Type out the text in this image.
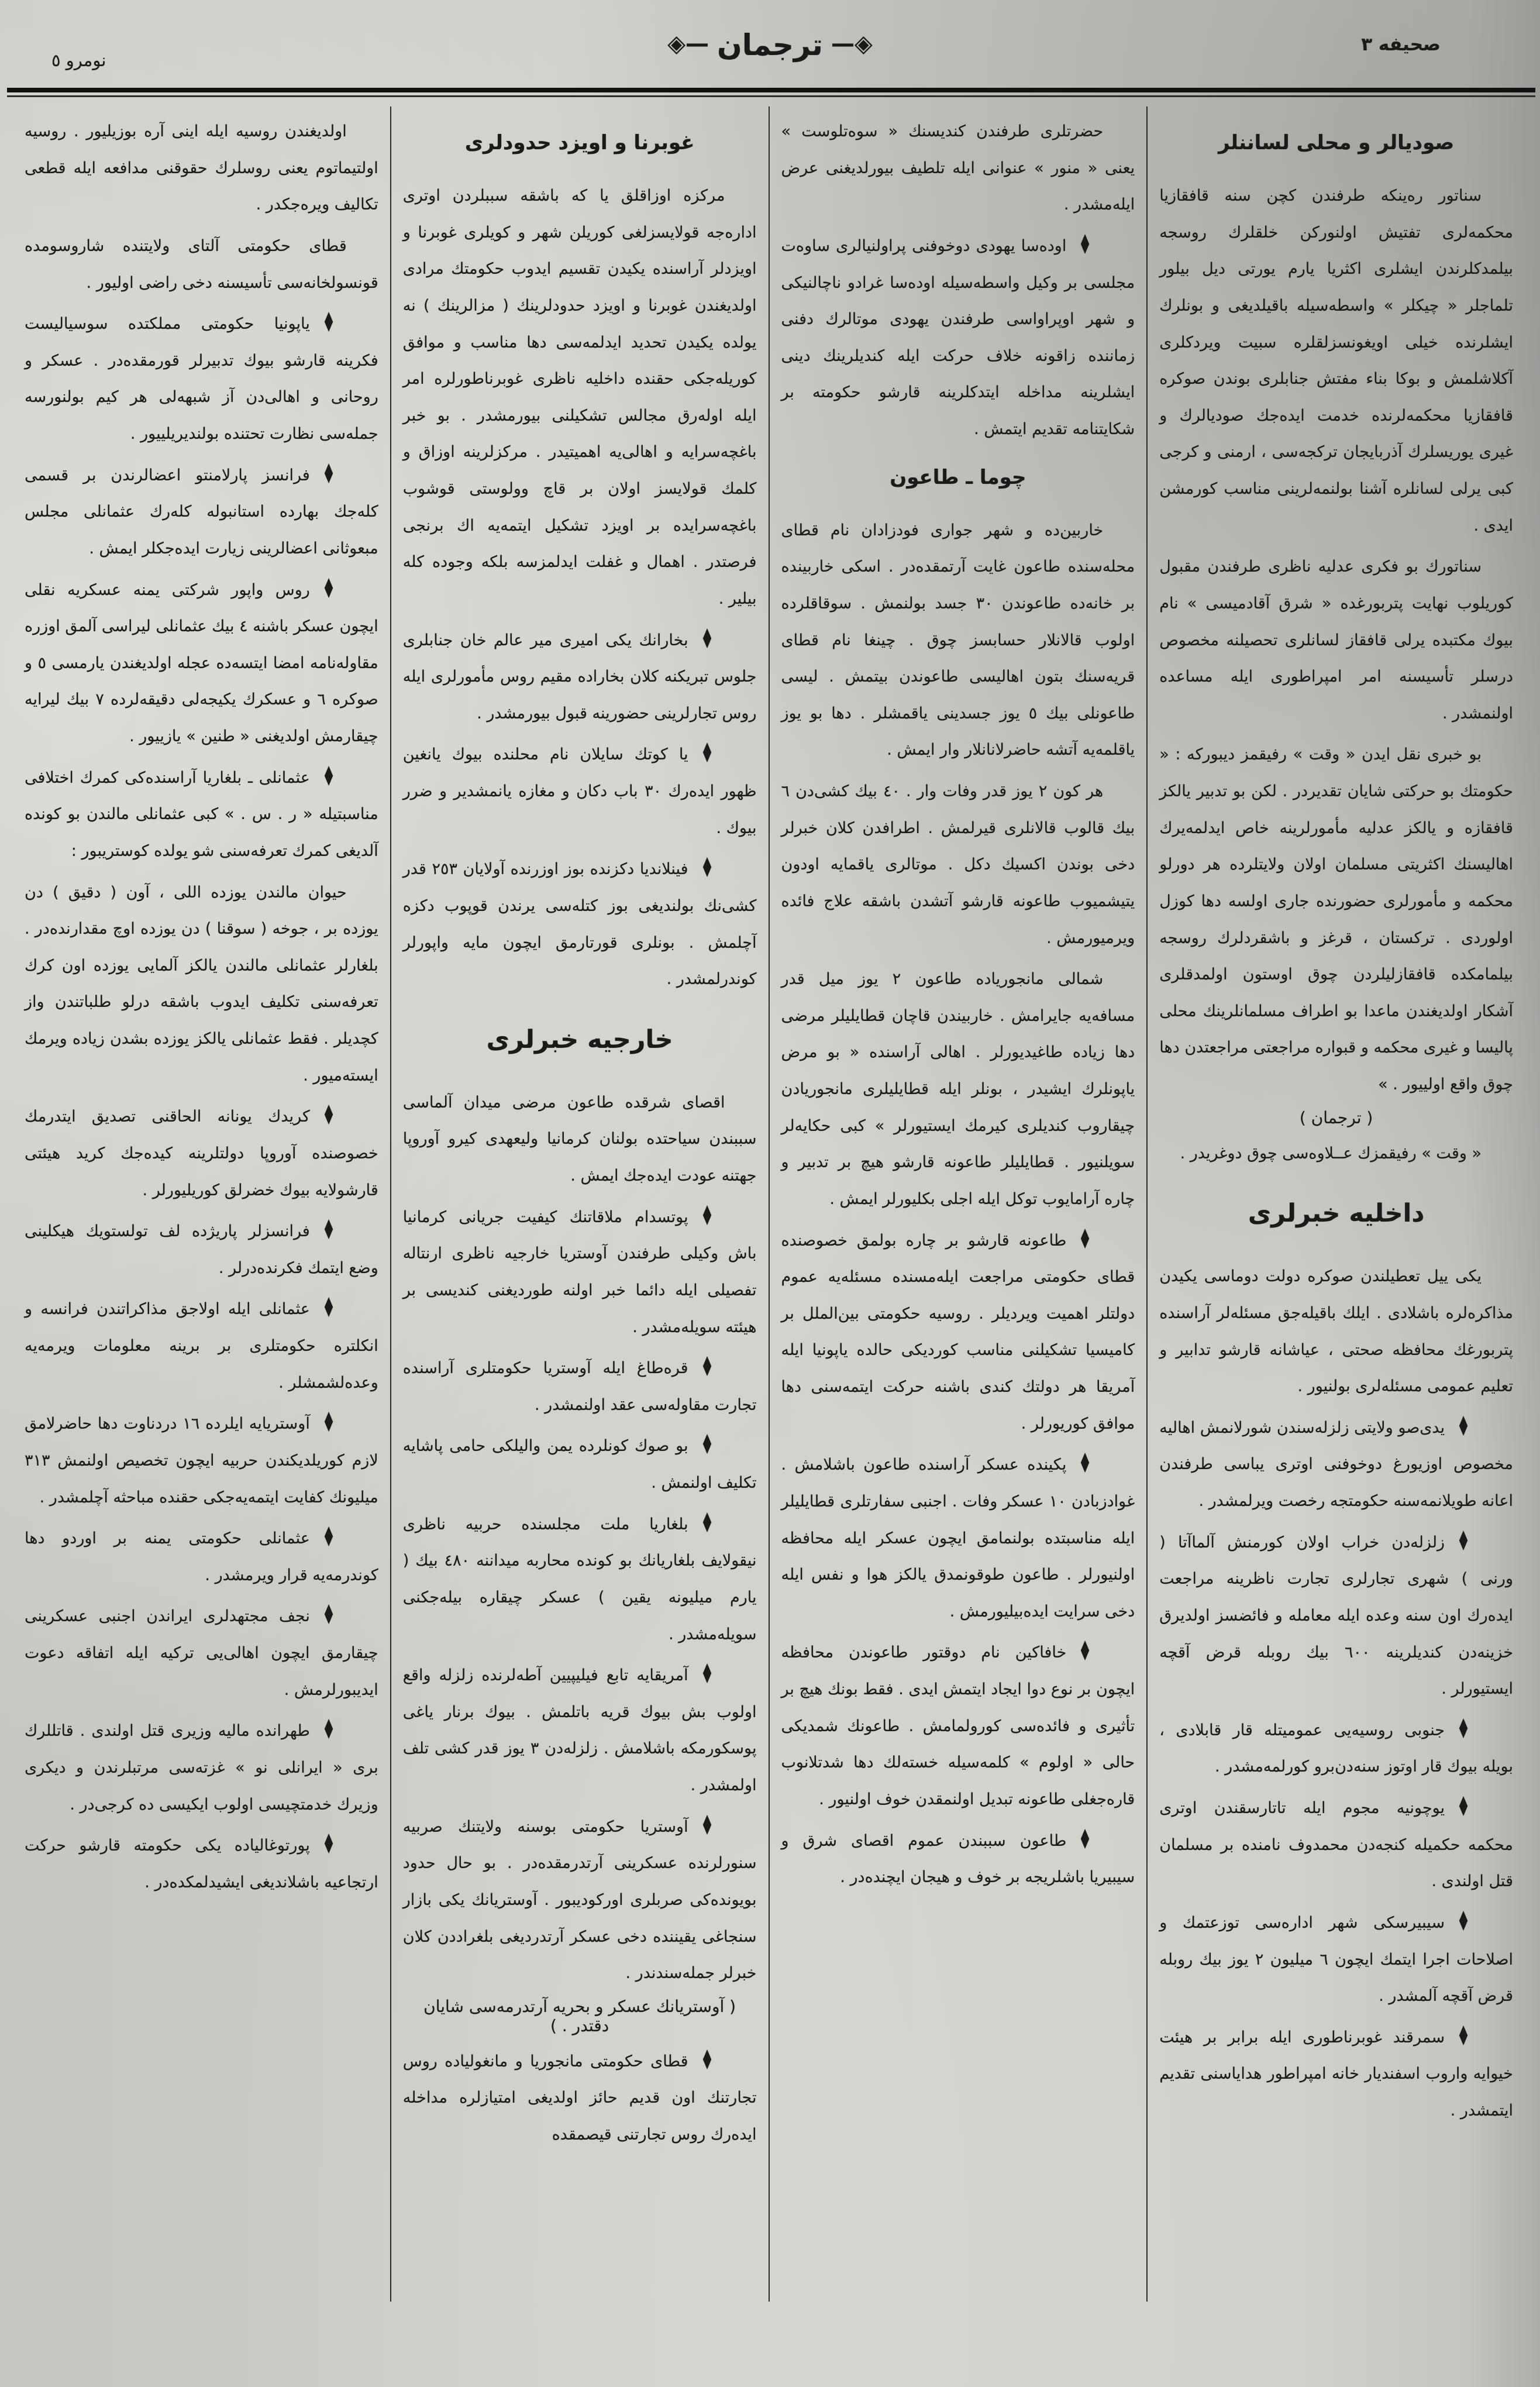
صحيفه ٣
◈—ترجمان—◈
نومرو ٥
صوديالر و محلى لساننلر

سناتور رەينكه طرفندن كچن سنه قافقازيا محكمه‌لرى تفتيش اولنوركن خلقلرك روسجه بيلمدكلرندن ايشلرى اكثريا يارم يورتى ديل بيلور تلماجلر « چيكلر » واسطه‌سيله باقيلديغى و بونلرك ايشلرنده خيلى اويغونسزلقلره سبيت ويردكلرى آكلاشلمش و بوكا بناء مفتش جنابلرى بوندن صوكره قافقازيا محكمه‌لرنده خدمت ايده‌جك صوديالرك و غيرى يوريسلرك آذربايجان تركجه‌سى ، ارمنى و كرجى كبى يرلى لسانلره آشنا بولنمه‌لرينى مناسب كورمشن ايدى .

سناتورك بو فكرى عدليه ناظرى طرفندن مقبول كوريلوب نهايت پتربورغده « شرق آقادميسى » نام بيوك مكتبده يرلى قافقاز لسانلرى تحصيلنه مخصوص درسلر تأسيسنه امر امپراطورى ايله مساعده اولنمشدر .

بو خبرى نقل ايدن « وقت » رفيقمز ديبوركه : « حكومتك بو حركتى شايان تقديردر . لكن بو تدبير يالكز قافقازه و يالكز عدليه مأمورلرينه خاص ايدلمه‌يرك اهاليسنك اكثريتى مسلمان اولان ولايتلرده هر دورلو محكمه و مأمورلرى حضورنده جارى اولسه دها كوزل اولوردى . تركستان ، قرغز و باشقردلرك روسجه بيلمامكده قافقازليلردن چوق اوستون اولمدقلرى آشكار اولديغندن ماعدا بو اطراف مسلمانلرينك محلى پاليسا و غيرى محكمه و قبواره مراجعتى مراجعتدن دها چوق واقع اولييور . »

( ترجمان )

« وقت » رفيقمزك عــلاوه‌سى چوق دوغريدر .

داخليه خبرلرى

يكى ييل تعطيلندن صوكره دولت دوماسى يكيدن مذاكره‌لره باشلادى . ايلك باقيله‌جق مسئله‌لر آراسنده پتربورغك محافظه صحتى ، عياشانه قارشو تدابير و تعليم عمومى مسئله‌لرى بولنيور .

♦يدى‌صو ولايتى زلزله‌سندن شورلانمش اهاليه مخصوص اوزيورغ دوخوفنى اوترى يباسى طرفندن اعانه طويلانمه‌سنه حكومتجه رخصت ويرلمشدر .

♦زلزله‌دن خراب اولان كورمنش آلماآتا ( ورنى ) شهرى تجارلرى تجارت ناظرينه مراجعت ايده‌رك اون سنه وعده ايله معامله و فائضسز اولديرق خزينه‌دن كنديلرينه ٦٠٠ بيك روبله قرض آقچه ايستيورلر .

♦جنوبى روسيه‌يى عموميتله قار قابلادى ، بويله بيوك قار اوتوز سنه‌دن‌برو كورلمه‌مشدر .

♦يوچونيه مجوم ايله تاتارسقندن اوترى محكمه حكميله كنجه‌دن محمدوف نامنده بر مسلمان قتل اولندى .

♦سيبيرسكى شهر اداره‌سى توزعتمك و اصلاحات اجرا ايتمك ايچون ٦ ميليون ٢ يوز بيك روبله قرض آقچه آلمشدر .

♦سمرقند غوبرناطورى ايله برابر بر هيئت خيوايه واروب اسفنديار خانه امپراطور هداياسنى تقديم ايتمشدر .

حضرتلرى طرفندن كنديسنك « سوەتلوست » يعنى « منور » عنوانى ايله تلطيف بيورلديغنى عرض ايله‌مشدر .

♦اودەسا يهودى دوخوفنى پراولنيالرى ساوەت مجلسى بر وكيل واسطه‌سيله اودەسا غرادو ناچالنيكى و شهر اوپراواسى طرفندن يهودى موتالرك دفنى زماننده زاقونه خلاف حركت ايله كنديلرينك دينى ايشلرينه مداخله ايتدكلرينه قارشو حكومته بر شكايتنامه تقديم ايتمش .

چوما ـ طاعون

خاربين‌ده و شهر جوارى فودزادان نام قطاى محله‌سنده طاعون غايت آرتمقده‌در . اسكى خاربينده بر خانه‌ده طاعوندن ٣٠ جسد بولنمش . سوقاقلرده اولوب قالانلار حسابسز چوق . چينغا نام قطاى قريه‌سنك بتون اهاليسى طاعوندن بيتمش . ليسى طاعونلى بيك ٥ يوز جسدينى ياقمشلر . دها بو يوز ياقلمه‌يه آتشه حاضرلانانلار وار ايمش .

هر كون ٢ يوز قدر وفات وار . ٤٠ بيك كشى‌دن ٦ بيك قالوب قالانلرى قيرلمش . اطرافدن كلان خبرلر دخى بوندن اكسيك دكل . موتالرى ياقمايه اودون يتيشميوب طاعونه قارشو آتشدن باشقه علاج فائده ويرميورمش .

شمالى مانجورياده طاعون ٢ يوز ميل قدر مسافه‌يه جايرامش . خاربيندن قاچان قطايليلر مرضى دها زياده طاغيديورلر . اهالى آراسنده « بو مرض ياپونلرك ايشيدر ، بونلر ايله قطايليلرى مانجوريادن چيقاروب كنديلرى كيرمك ايستيورلر » كبى حكايه‌لر سويلنيور . قطايليلر طاعونه قارشو هيچ بر تدبير و چاره آرامايوب توكل ايله اجلى بكليورلر ايمش .

♦طاعونه قارشو بر چاره بولمق خصوصنده قطاى حكومتى مراجعت ايله‌مسنده مسئله‌يه عموم دولتلر اهميت ويرديلر . روسيه حكومتى بين‌الملل بر كاميسيا تشكيلنى مناسب كورديكى حالده ياپونيا ايله آمريقا هر دولتك كندى باشنه حركت ايتمه‌سنى دها موافق كوريورلر .

♦پكينده عسكر آراسنده طاعون باشلامش . غوادزبادن ١٠ عسكر وفات . اجنبى سفارتلرى قطايليلر ايله مناسبتده بولنمامق ايچون عسكر ايله محافظه اولنيورلر . طاعون طوقونمدق يالكز هوا و نفس ايله دخى سرايت ايده‌بيليورمش .

♦خافاكين نام دوقتور طاعوندن محافظه ايچون بر نوع دوا ايجاد ايتمش ايدى . فقط بونك هيچ بر تأثيرى و فائده‌سى كورولمامش . طاعونك شمديكى حالى « اولوم » كلمه‌سيله خسته‌لك دها شدتلانوب قارەجغلى طاعونه تبديل اولنمقدن خوف اولنيور .

♦طاعون سببندن عموم اقصاى شرق و سيبيريا باشلريجه بر خوف و هيجان ايچنده‌در .

غوبرنا و اويزد حدودلرى

مركزه اوزاقلق يا كه باشقه سببلردن اوترى اداره‌جه قولايسزلغى كوريلن شهر و كويلرى غوبرنا و اويزدلر آراسنده يكيدن تقسيم ايدوب حكومتك مرادى اولديغندن غوبرنا و اويزد حدودلرينك ( مزالرينك ) نه يولده يكيدن تحديد ايدلمه‌سى دها مناسب و موافق كوريله‌جكى حقنده داخليه ناظرى غوبرناطورلره امر ايله اولەرق مجالس تشكيلنى بيورمشدر . بو خبر باغچه‌سرايه و اهالى‌يه اهميتيدر . مركزلرينه اوزاق و كلمك قولايسز اولان بر قاچ وولوستى قوشوب باغچه‌سرايده بر اويزد تشكيل ايتمه‌يه اك برنجى فرصتدر . اهمال و غفلت ايدلمزسه بلكه وجوده كله بيلير .

♦بخارانك يكى اميرى مير عالم خان جنابلرى جلوس تبريكنه كلان بخاراده مقيم روس مأمورلرى ايله روس تجارلرينى حضورينه قبول بيورمشدر .

♦يا كوتك سايلان نام محلنده بيوك يانغين ظهور ايده‌رك ٣٠ باب دكان و مغازه يانمشدير و ضرر بيوك .

♦فينلانديا دكزنده بوز اوزرنده آولايان ٢٥٣ قدر كشى‌نك بولنديغى بوز كتله‌سى يرندن قوپوب دكزه آچلمش . بونلرى قورتارمق ايچون مايه واپورلر كوندرلمشدر .

خارجيه خبرلرى

اقصاى شرقده طاعون مرضى ميدان آلماسى سببندن سياحتده بولنان كرمانيا وليعهدى كيرو آوروپا جهتنه عودت ايده‌جك ايمش .

♦پوتسدام ملاقاتنك كيفيت جريانى كرمانيا باش وكيلى طرفندن آوستريا خارجيه ناظرى ارنتاله تفصيلى ايله دائما خبر اولنه طورديغنى كنديسى بر هيئته سويلەمشدر .

♦قره‌طاغ ايله آوستريا حكومتلرى آراسنده تجارت مقاوله‌سى عقد اولنمشدر .

♦بو صوك كونلرده يمن واليلكى حامى پاشايه تكليف اولنمش .

♦بلغاريا ملت مجلسنده حربيه ناظرى نيقولايف بلغاريانك بو كونده محاربه ميداننه ٤٨٠ بيك ( يارم ميليونه يقين ) عسكر چيقاره بيله‌جكنى سويلەمشدر .

♦آمريقايه تابع فيليپيين آطه‌لرنده زلزله واقع اولوب بش بيوك قريه باتلمش . بيوك برنار ياغى پوسكورمكه باشلامش . زلزله‌دن ٣ يوز قدر كشى تلف اولمشدر .

♦آوستريا حكومتى بوسنه ولايتنك صربيه سنورلرنده عسكرينى آرتدرمقده‌در . بو حال حدود بويونده‌كى صربلرى اوركوديبور . آوستريانك يكى بازار سنجاغى يقيننده دخى عسكر آرتدرديغى بلغراددن كلان خبرلر جمله‌سندندر .

( آوستريانك عسكر و بحريه آرتدرمه‌سى شايان دقتدر . )

♦قطاى حكومتى مانجوريا و مانغولياده روس تجارتنك اون قديم حائز اولديغى امتيازلره مداخله ايده‌رك روس تجارتنى قيصمقده

اولديغندن روسيه ايله اينى آره بوزيليور . روسيه اولتيماتوم يعنى روسلرك حقوقنى مدافعه ايله قطعى تكاليف ويره‌جكدر .

قطاى حكومتى آلتاى ولايتنده شاروسومده قونسولخانه‌سى تأسيسنه دخى راضى اوليور .

♦ياپونيا حكومتى مملكتده سوسياليست فكرينه قارشو بيوك تدبيرلر قورمقده‌در . عسكر و روحانى و اهالى‌دن آز شبهه‌لى هر كيم بولنورسه جمله‌سى نظارت تحتنده بولنديريلييور .

♦فرانسز پارلامنتو اعضالرندن بر قسمى كله‌جك بهارده استانبوله كله‌رك عثمانلى مجلس مبعوثانى اعضالرينى زيارت ايده‌جكلر ايمش .

♦روس واپور شركتى يمنه عسكريه نقلى ايچون عسكر باشنه ٤ بيك عثمانلى ليراسى آلمق اوزره مقاوله‌نامه امضا ايتسه‌ده عجله اولديغندن يارمسى ٥ و صوكره ٦ و عسكرك يكيجه‌لى دقيقه‌لرده ٧ بيك ليرايه چيقارمش اولديغنى « طنين » يازييور .

♦عثمانلى ـ بلغاريا آراسنده‌كى كمرك اختلافى مناسبتيله « ر . س . » كبى عثمانلى مالندن بو كونده آلديغى كمرك تعرفه‌سنى شو يولده كوستريبور :

حيوان مالندن يوزده اللى ، آون ( دقيق ) دن يوزده بر ، جوخه ( سوقنا ) دن يوزده اوچ مقدارنده‌در . بلغارلر عثمانلى مالندن يالكز آلمايى يوزده اون كرك تعرفه‌سنى تكليف ايدوب باشقه درلو طلباتندن واز كچديلر . فقط عثمانلى يالكز يوزده بشدن زياده ويرمك ايسته‌ميور .

♦كريدك يونانه الحاقنى تصديق ايتدرمك خصوصنده آوروپا دولتلرينه كيده‌جك كريد هيئتى قارشولايه بيوك خضرلق كوريليورلر .

♦فرانسزلر پاريژده لف تولستويك هيكلينى وضع ايتمك فكرنده‌درلر .

♦عثمانلى ايله اولاجق مذاكراتندن فرانسه و انكلتره حكومتلرى بر برينه معلومات ويرمه‌يه وعده‌لشمشلر .

♦آوستريايه ايلرده ١٦ دردناوت دها حاضرلامق لازم كوريلديكندن حربيه ايچون تخصيص اولنمش ٣١٣ ميليونك كفايت ايتمه‌يه‌جكى حقنده مباحثه آچلمشدر .

♦عثمانلى حكومتى يمنه بر اوردو دها كوندرمه‌يه قرار ويرمشدر .

♦نجف مجتهدلرى ايراندن اجنبى عسكرينى چيقارمق ايچون اهالى‌يى تركيه ايله اتفاقه دعوت ايديبورلرمش .

♦طهرانده ماليه وزيرى قتل اولندى . قاتللرك برى « ايرانلى نو » غزته‌سى مرتبلرندن و ديكرى وزيرك خدمتچيسى اولوب ايكيسى ده كرجى‌در .

♦پورتوغالياده يكى حكومته قارشو حركت ارتجاعيه باشلانديغى ايشيدلمكده‌در .
